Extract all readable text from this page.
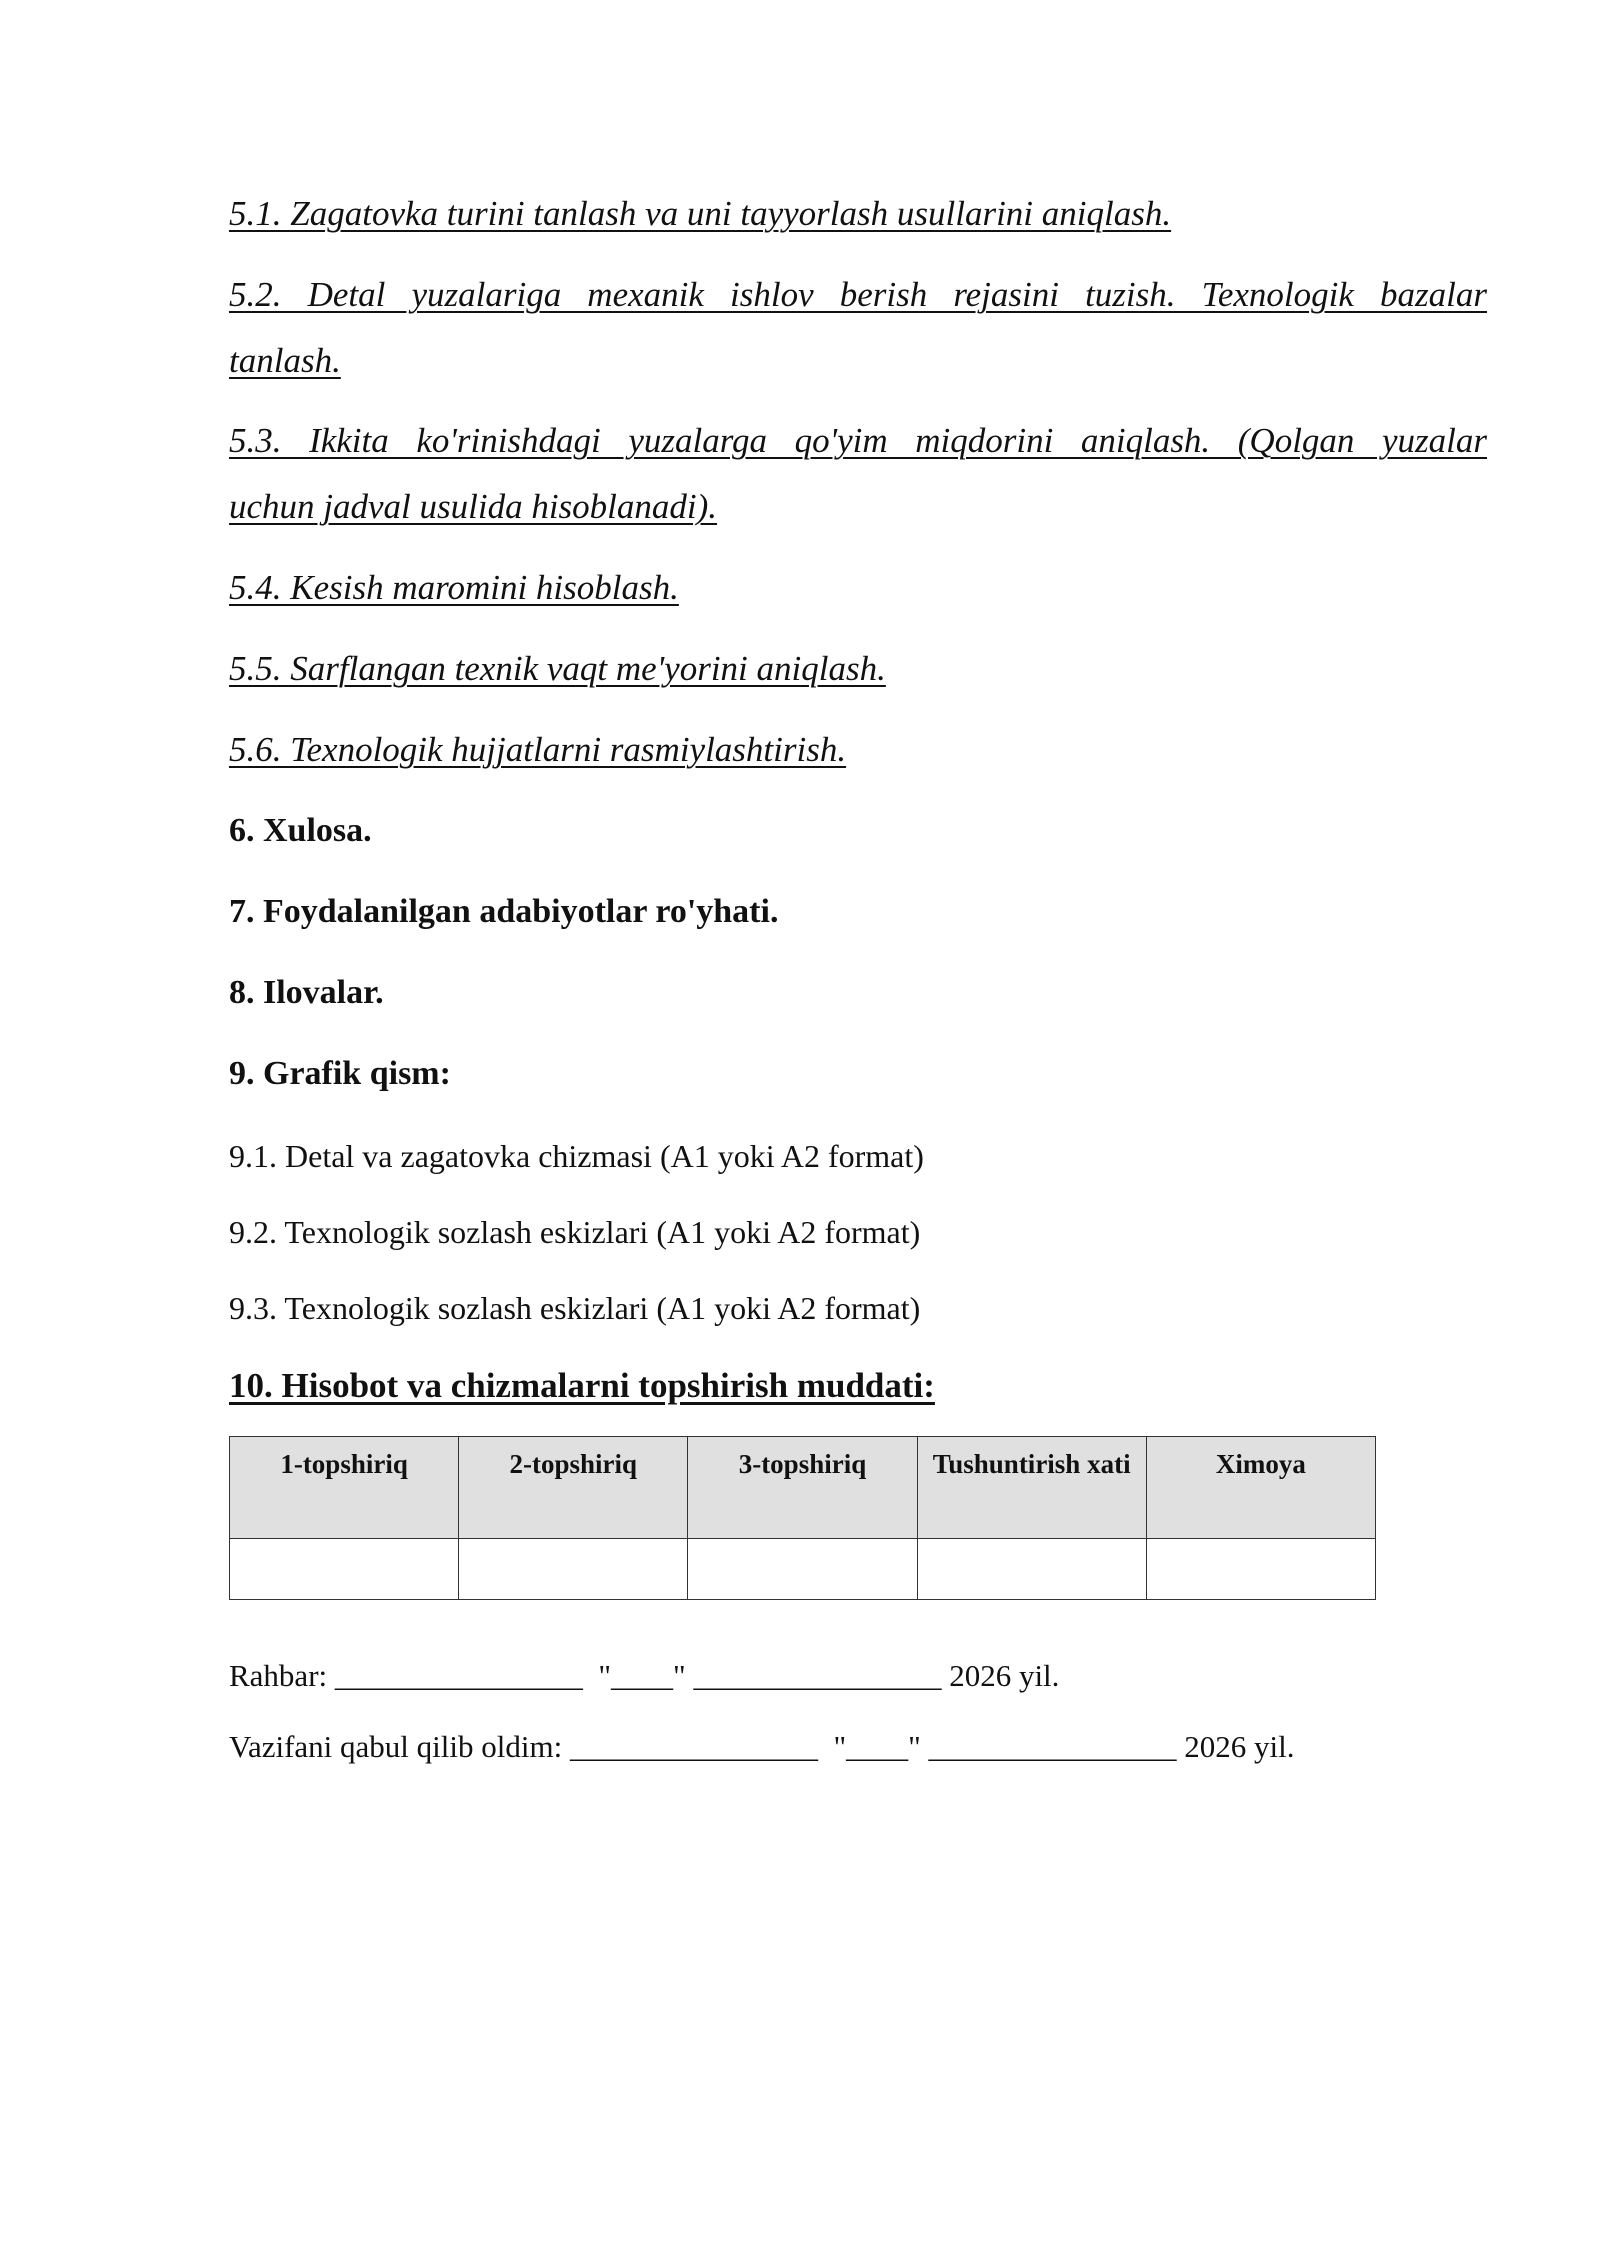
5.1. Zagatovka turini tanlash va uni tayyorlash usullarini aniqlash.
5.2. Detal yuzalariga mexanik ishlov berish rejasini tuzish. Texnologik bazalar
tanlash.
5.3. Ikkita ko'rinishdagi yuzalarga qo'yim miqdorini aniqlash. (Qolgan yuzalar
uchun jadval usulida hisoblanadi).
5.4. Kesish maromini hisoblash.
5.5. Sarflangan texnik vaqt me'yorini aniqlash.
5.6. Texnologik hujjatlarni rasmiylashtirish.
6. Xulosa.
7. Foydalanilgan adabiyotlar ro'yhati.
8. Ilovalar.
9. Grafik qism:
9.1. Detal va zagatovka chizmasi (A1 yoki A2 format)
9.2. Texnologik sozlash eskizlari (A1 yoki A2 format)
9.3. Texnologik sozlash eskizlari (A1 yoki A2 format)
10. Hisobot va chizmalarni topshirish muddati:
1-topshiriq	2-topshiriq	3-topshiriq	Tushuntirish xati	Ximoya

Rahbar: ________________  "____" ________________ 2026 yil.
Vazifani qabul qilib oldim: ________________  "____" ________________ 2026 yil.
